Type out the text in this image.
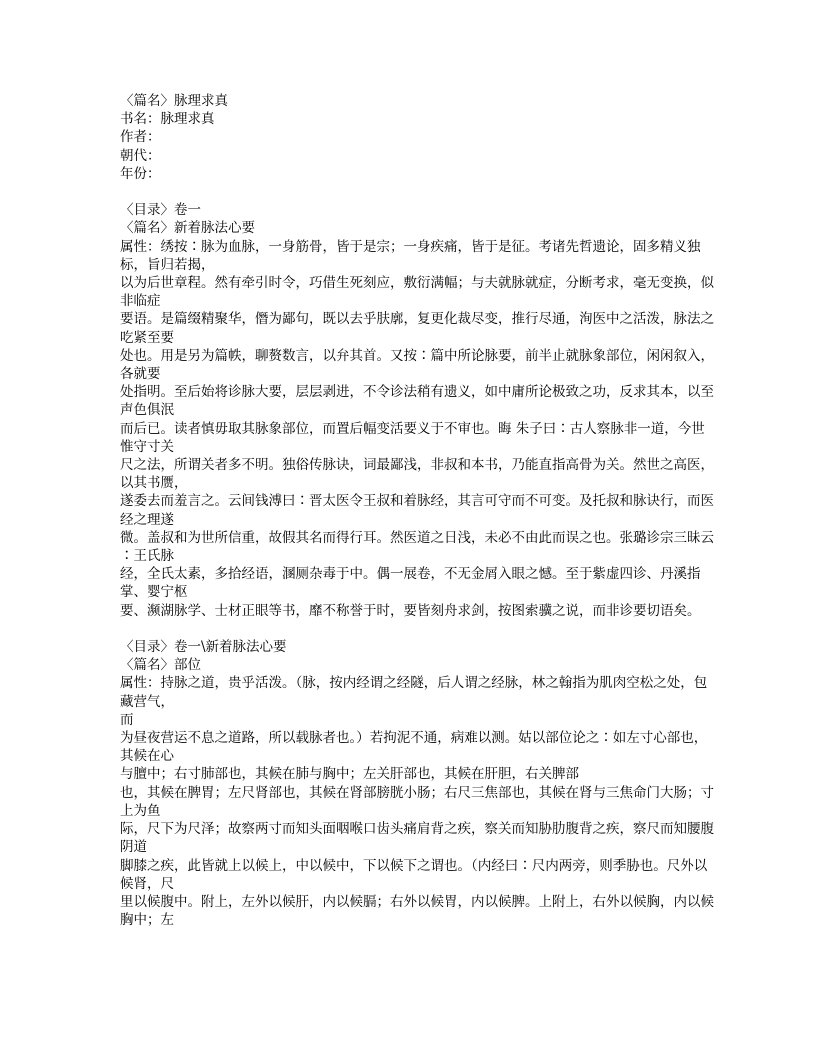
〈篇名〉脉理求真
书名：脉理求真
作者：
朝代：
年份：
〈目录〉卷一
〈篇名〉新着脉法心要
属性：绣按∶脉为血脉，一身筋骨，皆于是宗；一身疾痛，皆于是征。考诸先哲遗论，固多精义独标，旨归若揭，
以为后世章程。然有牵引时令，巧借生死刻应，敷衍满幅；与夫就脉就症，分断考求，毫无变换，似非临症
要语。是篇缀精聚华，僭为鄙句，既以去乎肤廓，复更化裁尽变，推行尽通，洵医中之活泼，脉法之吃紧至要
处也。用是另为篇帙，聊赘数言，以弁其首。又按∶篇中所论脉要，前半止就脉象部位，闲闲叙入，各就要
处指明。至后始将诊脉大要，层层剥进，不令诊法稍有遗义，如中庸所论极致之功，反求其本，以至声色俱泯
而后已。读者慎毋取其脉象部位，而置后幅变活要义于不审也。晦 朱子曰∶古人察脉非一道，今世惟守寸关
尺之法，所谓关者多不明。独俗传脉诀，词最鄙浅，非叔和本书，乃能直指高骨为关。然世之高医，以其书赝，
遂委去而羞言之。云间钱溥曰∶晋太医令王叔和着脉经，其言可守而不可变。及托叔和脉诀行，而医经之理遂
微。盖叔和为世所信重，故假其名而得行耳。然医道之日浅，未必不由此而误之也。张璐诊宗三昧云∶王氏脉
经，全氏太素，多拾经语，溷厕杂毒于中。偶一展卷，不无金屑入眼之憾。至于紫虚四诊、丹溪指掌、婴宁枢
要、濒湖脉学、士材正眼等书，靡不称誉于时，要皆刻舟求剑，按图索骥之说，而非诊要切语矣。
〈目录〉卷一\新着脉法心要
〈篇名〉部位
属性：持脉之道，贵乎活泼。（脉，按内经谓之经隧，后人谓之经脉，林之翰指为肌肉空松之处，包藏营气，
而
为昼夜营运不息之道路，所以载脉者也。）若拘泥不通，病难以测。姑以部位论之∶如左寸心部也，其候在心
与膻中；右寸肺部也，其候在肺与胸中；左关肝部也，其候在肝胆，右关脾部
也，其候在脾胃；左尺肾部也，其候在肾部膀胱小肠；右尺三焦部也，其候在肾与三焦命门大肠；寸上为鱼
际，尺下为尺泽；故察两寸而知头面咽喉口齿头痛肩背之疾，察关而知胁肋腹背之疾，察尺而知腰腹阴道
脚膝之疾，此皆就上以候上，中以候中，下以候下之谓也。（内经曰∶尺内两旁，则季胁也。尺外以候肾，尺
里以候腹中。附上，左外以候肝，内以候膈；右外以候胃，内以候脾。上附上，右外以候胸，内以候胸中；左
